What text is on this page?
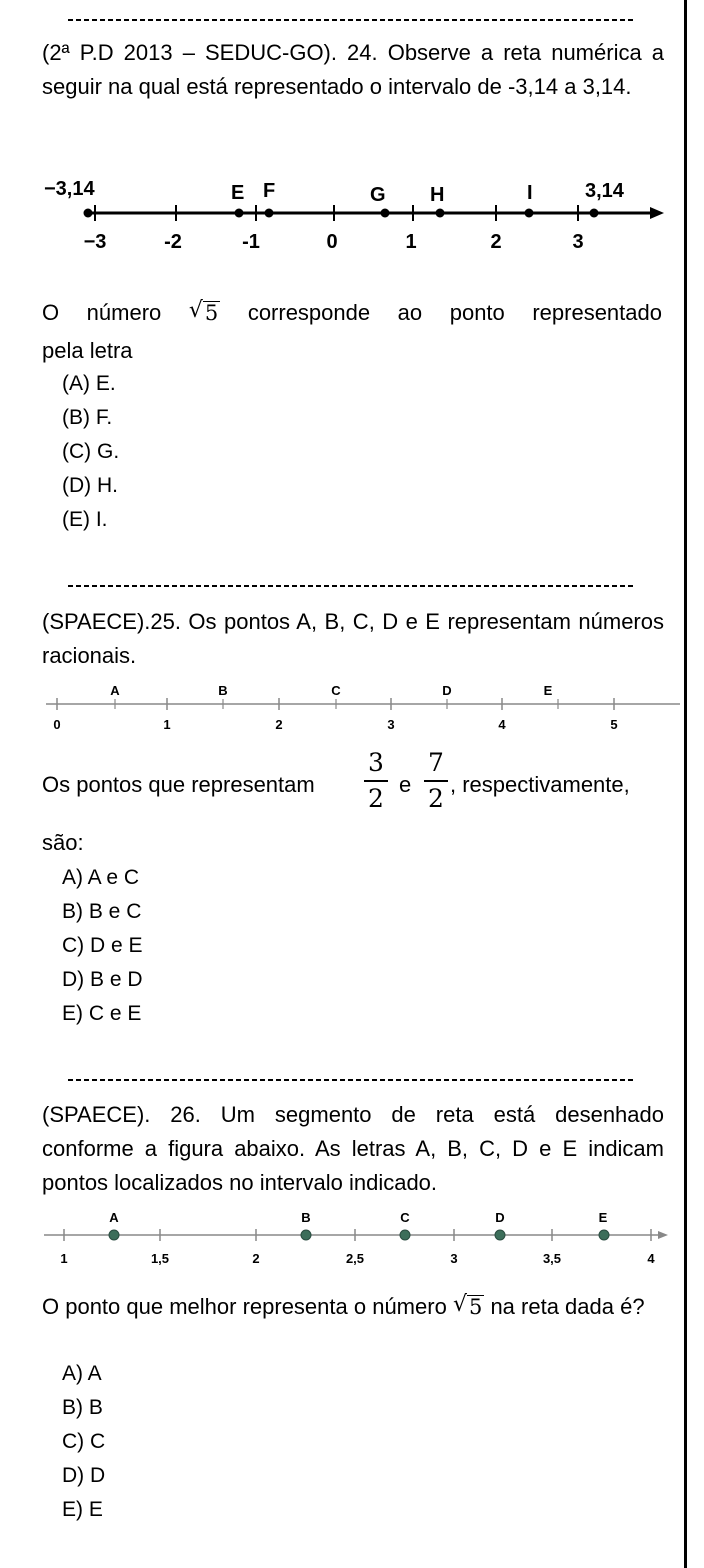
(2ª P.D 2013 – SEDUC-GO). 24. Observe a reta numérica a seguir na qual está representado o intervalo de -3,14 a 3,14.

−3,14	E F	G H	I	3,14
−3	-2	-1	0	1	2	3

O número √ 5 corresponde ao ponto representado

pela letra

(A) E.

(B) F.

(C) G.

(D) H.

(E) I.

(SPAECE).25. Os pontos A, B, C, D e E representam números racionais.

A	B	C	D	E
0	1	2	3	4	5

Os pontos que representam

3
2 e

7
2 , respectivamente,

são:

A) A e C

B) B e C

C) D e E

D) B e D

E) C e E

(SPAECE). 26. Um segmento de reta está desenhado conforme a figura abaixo. As letras A, B, C, D e E indicam pontos localizados no intervalo indicado.

A	B	C	D	E
1	1,5	2	2,5	3	3,5	4

O ponto que melhor representa o número √ 5 na reta dada é?

A) A

B) B

C) C

D) D

E) E
